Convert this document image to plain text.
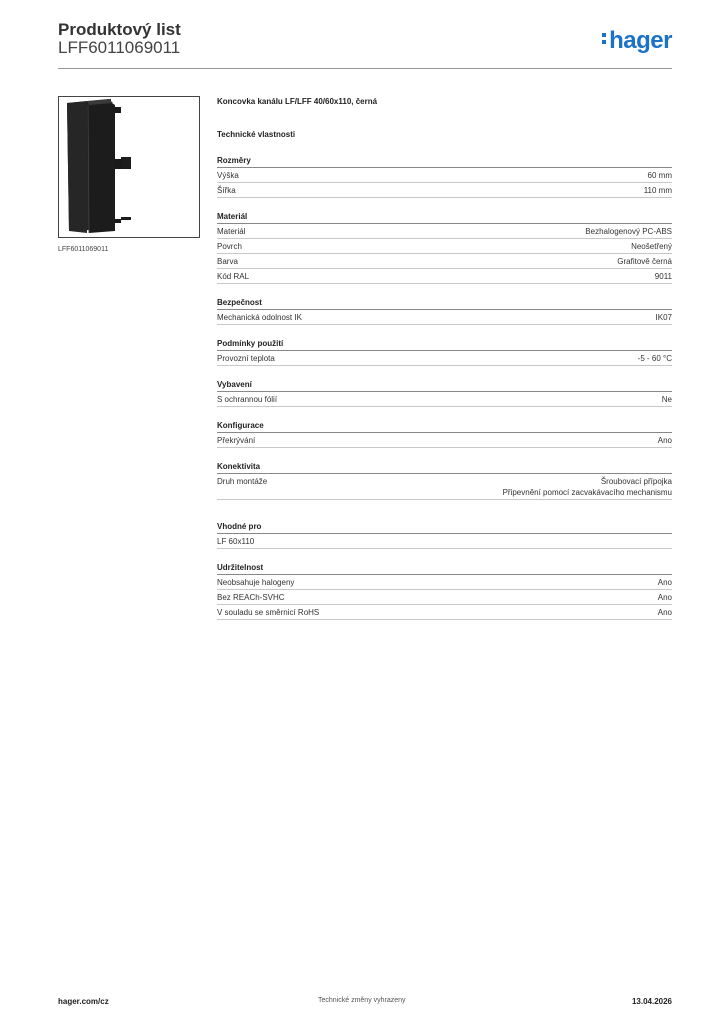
Produktový list
LFF6011069011	hager
LFF6011069011
Koncovka kanálu LF/LFF 40/60x110, černá
Technické vlastnosti
Rozměry
Výška	60 mm
Šířka	110 mm
Materiál
Materiál	Bezhalogenový PC-ABS
Povrch	Neošetřený
Barva	Grafitově černá
Kód RAL	9011
Bezpečnost
Mechanická odolnost IK	IK07
Podmínky použití
Provozní teplota	-5 - 60 °C
Vybavení
S ochrannou fólií	Ne
Konfigurace
Překrývání	Ano
Konektivita
Druh montáže	Šroubovací přípojka
Připevnění pomocí zacvakávacího mechanismu
Vhodné pro
LF 60x110
Udržitelnost
Neobsahuje halogeny	Ano
Bez REACh-SVHC	Ano
V souladu se směrnicí RoHS	Ano
hager.com/cz	Technické změny vyhrazeny	13.04.2026
